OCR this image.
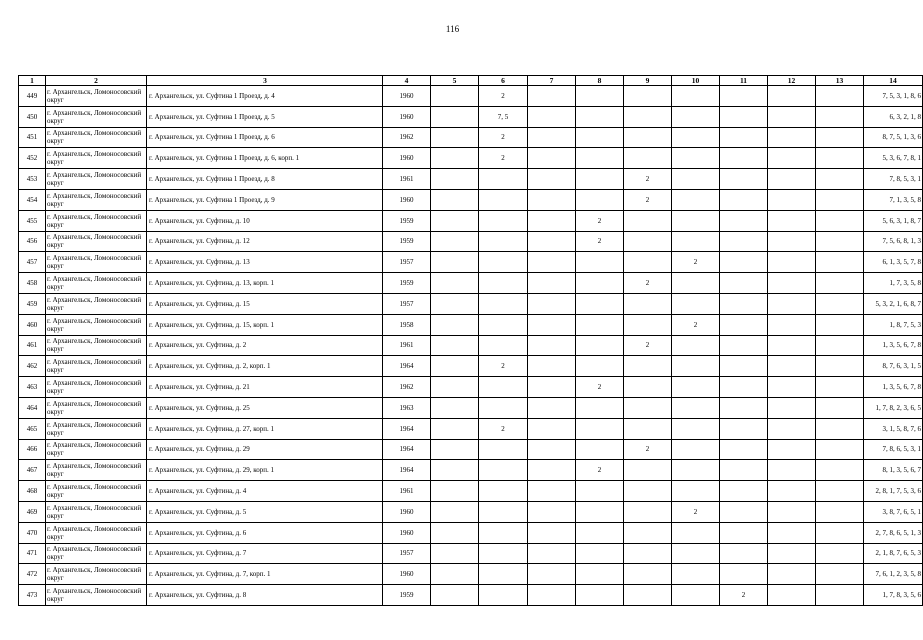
116
1	2	3	4	5	6	7	8	9	10	11	12	13	14
449	г. Архангельск, Ломоносовский округ	г. Архангельск, ул. Суфтина 1 Проезд, д. 4	1960		2								7, 5, 3, 1, 8, 6
450	г. Архангельск, Ломоносовский округ	г. Архангельск, ул. Суфтина 1 Проезд, д. 5	1960		7, 5								6, 3, 2, 1, 8
451	г. Архангельск, Ломоносовский округ	г. Архангельск, ул. Суфтина 1 Проезд, д. 6	1962		2								8, 7, 5, 1, 3, 6
452	г. Архангельск, Ломоносовский округ	г. Архангельск, ул. Суфтина 1 Проезд, д. 6, корп. 1	1960		2								5, 3, 6, 7, 8, 1
453	г. Архангельск, Ломоносовский округ	г. Архангельск, ул. Суфтина 1 Проезд, д. 8	1961					2					7, 8, 5, 3, 1
454	г. Архангельск, Ломоносовский округ	г. Архангельск, ул. Суфтина 1 Проезд, д. 9	1960					2					7, 1, 3, 5, 8
455	г. Архангельск, Ломоносовский округ	г. Архангельск, ул. Суфтина, д. 10	1959				2						5, 6, 3, 1, 8, 7
456	г. Архангельск, Ломоносовский округ	г. Архангельск, ул. Суфтина, д. 12	1959				2						7, 5, 6, 8, 1, 3
457	г. Архангельск, Ломоносовский округ	г. Архангельск, ул. Суфтина, д. 13	1957						2				6, 1, 3, 5, 7, 8
458	г. Архангельск, Ломоносовский округ	г. Архангельск, ул. Суфтина, д. 13, корп. 1	1959					2					1, 7, 3, 5, 8
459	г. Архангельск, Ломоносовский округ	г. Архангельск, ул. Суфтина, д. 15	1957										5, 3, 2, 1, 6, 8, 7
460	г. Архангельск, Ломоносовский округ	г. Архангельск, ул. Суфтина, д. 15, корп. 1	1958						2				1, 8, 7, 5, 3
461	г. Архангельск, Ломоносовский округ	г. Архангельск, ул. Суфтина, д. 2	1961					2					1, 3, 5, 6, 7, 8
462	г. Архангельск, Ломоносовский округ	г. Архангельск, ул. Суфтина, д. 2, корп. 1	1964		2								8, 7, 6, 3, 1, 5
463	г. Архангельск, Ломоносовский округ	г. Архангельск, ул. Суфтина, д. 21	1962				2						1, 3, 5, 6, 7, 8
464	г. Архангельск, Ломоносовский округ	г. Архангельск, ул. Суфтина, д. 25	1963										1, 7, 8, 2, 3, 6, 5
465	г. Архангельск, Ломоносовский округ	г. Архангельск, ул. Суфтина, д. 27, корп. 1	1964		2								3, 1, 5, 8, 7, 6
466	г. Архангельск, Ломоносовский округ	г. Архангельск, ул. Суфтина, д. 29	1964					2					7, 8, 6, 5, 3, 1
467	г. Архангельск, Ломоносовский округ	г. Архангельск, ул. Суфтина, д. 29, корп. 1	1964				2						8, 1, 3, 5, 6, 7
468	г. Архангельск, Ломоносовский округ	г. Архангельск, ул. Суфтина, д. 4	1961										2, 8, 1, 7, 5, 3, 6
469	г. Архангельск, Ломоносовский округ	г. Архангельск, ул. Суфтина, д. 5	1960						2				3, 8, 7, 6, 5, 1
470	г. Архангельск, Ломоносовский округ	г. Архангельск, ул. Суфтина, д. 6	1960										2, 7, 8, 6, 5, 1, 3
471	г. Архангельск, Ломоносовский округ	г. Архангельск, ул. Суфтина, д. 7	1957										2, 1, 8, 7, 6, 5, 3
472	г. Архангельск, Ломоносовский округ	г. Архангельск, ул. Суфтина, д. 7, корп. 1	1960										7, 6, 1, 2, 3, 5, 8
473	г. Архангельск, Ломоносовский округ	г. Архангельск, ул. Суфтина, д. 8	1959							2			1, 7, 8, 3, 5, 6
